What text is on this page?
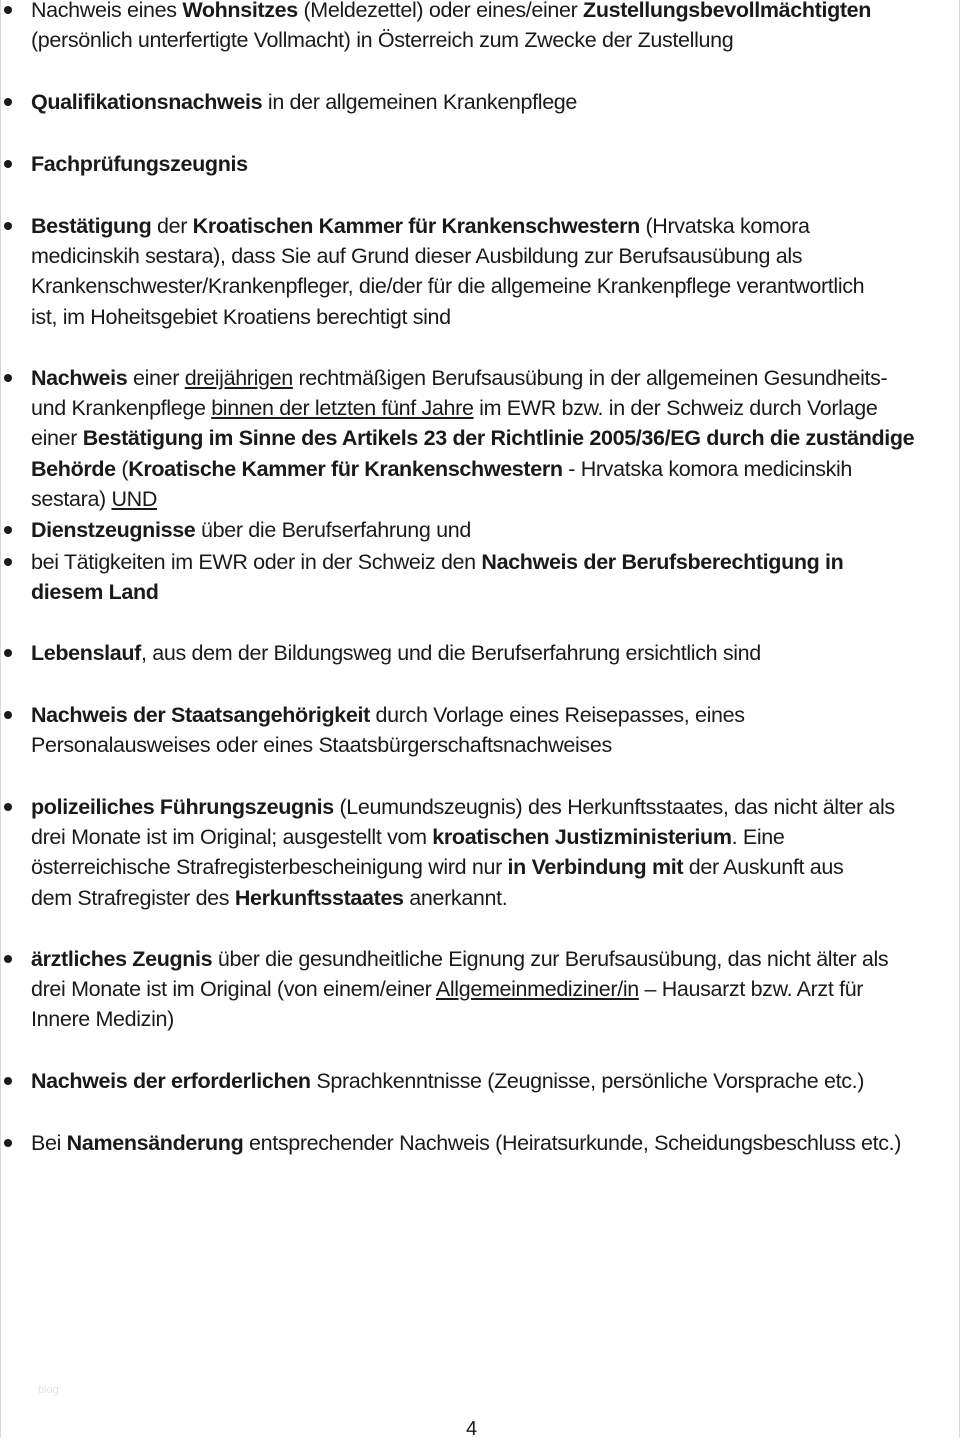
Nachweis eines Wohnsitzes (Meldezettel) oder eines/einer Zustellungsbevollmächtigten
(persönlich unterfertigte Vollmacht) in Österreich zum Zwecke der Zustellung
Qualifikationsnachweis in der allgemeinen Krankenpflege
Fachprüfungszeugnis
Bestätigung der Kroatischen Kammer für Krankenschwestern (Hrvatska komora
medicinskih sestara), dass Sie auf Grund dieser Ausbildung zur Berufsausübung als
Krankenschwester/Krankenpfleger, die/der für die allgemeine Krankenpflege verantwortlich
ist, im Hoheitsgebiet Kroatiens berechtigt sind
Nachweis einer dreijährigen rechtmäßigen Berufsausübung in der allgemeinen Gesundheits-
und Krankenpflege binnen der letzten fünf Jahre im EWR bzw. in der Schweiz durch Vorlage
einer Bestätigung im Sinne des Artikels 23 der Richtlinie 2005/36/EG durch die zuständige
Behörde (Kroatische Kammer für Krankenschwestern - Hrvatska komora medicinskih
sestara) UND
Dienstzeugnisse über die Berufserfahrung und
bei Tätigkeiten im EWR oder in der Schweiz den Nachweis der Berufsberechtigung in
diesem Land
Lebenslauf, aus dem der Bildungsweg und die Berufserfahrung ersichtlich sind
Nachweis der Staatsangehörigkeit durch Vorlage eines Reisepasses, eines
Personalausweises oder eines Staatsbürgerschaftsnachweises
polizeiliches Führungszeugnis (Leumundszeugnis) des Herkunftsstaates, das nicht älter als
drei Monate ist im Original; ausgestellt vom kroatischen Justizministerium. Eine
österreichische Strafregisterbescheinigung wird nur in Verbindung mit der Auskunft aus
dem Strafregister des Herkunftsstaates anerkannt.
ärztliches Zeugnis über die gesundheitliche Eignung zur Berufsausübung, das nicht älter als
drei Monate ist im Original (von einem/einer Allgemeinmediziner/in – Hausarzt bzw. Arzt für
Innere Medizin)
Nachweis der erforderlichen Sprachkenntnisse (Zeugnisse, persönliche Vorsprache etc.)
Bei Namensänderung entsprechender Nachweis (Heiratsurkunde, Scheidungsbeschluss etc.)
blog
4
